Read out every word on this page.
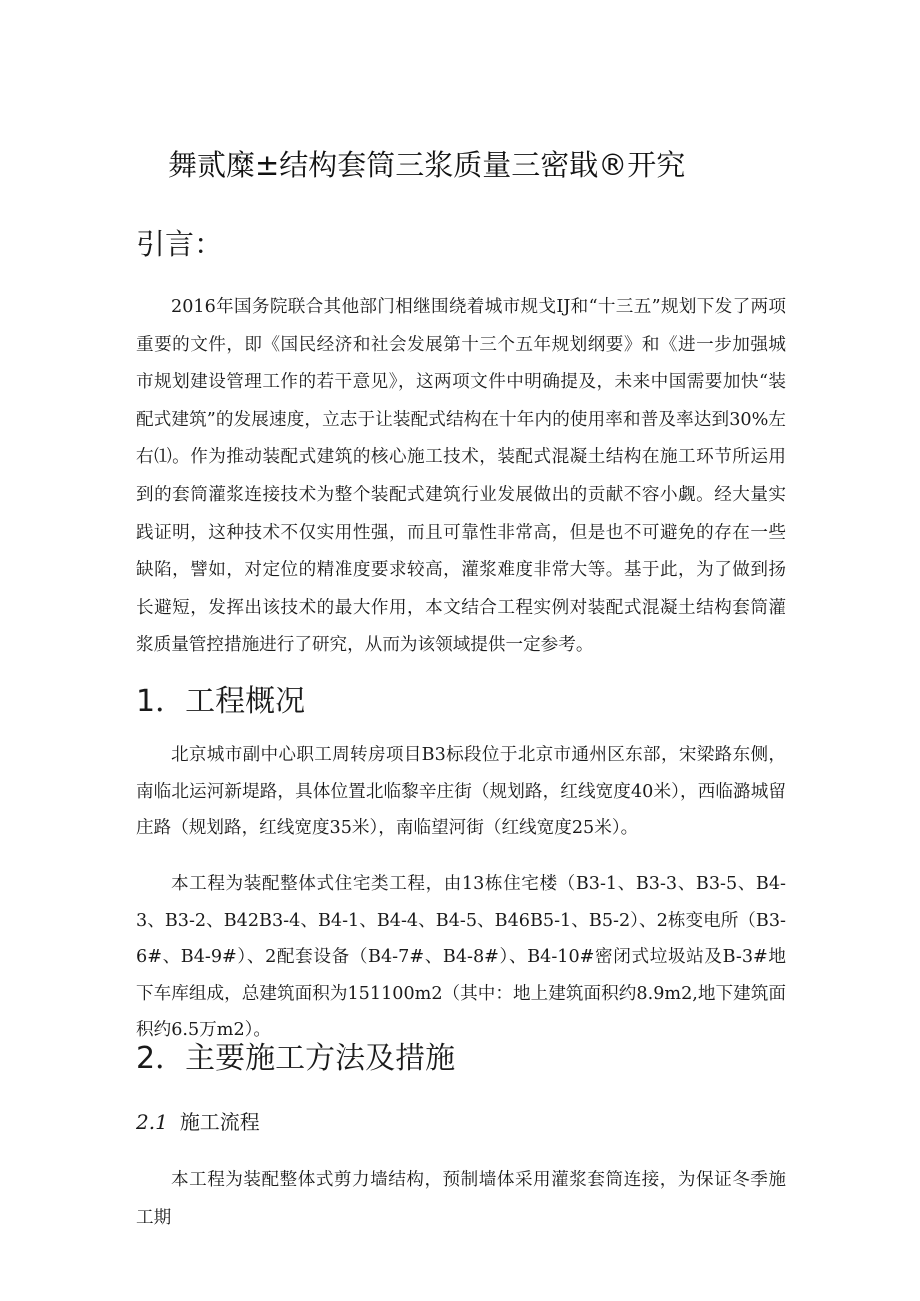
舞贰糜±结构套筒三浆质量三密戢®开究
引言：
2016年国务院联合其他部门相继围绕着城市规戈IJ和“十三五”规划下发了两项重要的文件，即《国民经济和社会发展第十三个五年规划纲要》和《进一步加强城市规划建设管理工作的若干意见》，这两项文件中明确提及，未来中国需要加快“装配式建筑”的发展速度，立志于让装配式结构在十年内的使用率和普及率达到30%左右⑴。作为推动装配式建筑的核心施工技术，装配式混凝土结构在施工环节所运用到的套筒灌浆连接技术为整个装配式建筑行业发展做出的贡献不容小觑。经大量实践证明，这种技术不仅实用性强，而且可靠性非常高，但是也不可避免的存在一些缺陷，譬如，对定位的精准度要求较高，灌浆难度非常大等。基于此，为了做到扬长避短，发挥出该技术的最大作用，本文结合工程实例对装配式混凝土结构套筒灌浆质量管控措施进行了研究，从而为该领域提供一定参考。
1．工程概况
北京城市副中心职工周转房项目B3标段位于北京市通州区东部，宋梁路东侧，南临北运河新堤路，具体位置北临黎辛庄街（规划路，红线宽度40米），西临潞城留庄路（规划路，红线宽度35米），南临望河街（红线宽度25米）。
本工程为装配整体式住宅类工程，由13栋住宅楼（B3-1、B3-3、B3-5、B4-3、B3-2、B42B3-4、B4-1、B4-4、B4-5、B46B5-1、B5-2）、2栋变电所（B3-6#、B4-9#）、2配套设备（B4-7#、B4-8#）、B4-10#密闭式垃圾站及B-3#地下车库组成，总建筑面积为151100m2（其中：地上建筑面积约8.9m2,地下建筑面积约6.5万m2）。
2．主要施工方法及措施
2.1 施工流程
本工程为装配整体式剪力墙结构，预制墙体采用灌浆套筒连接，为保证冬季施工期
